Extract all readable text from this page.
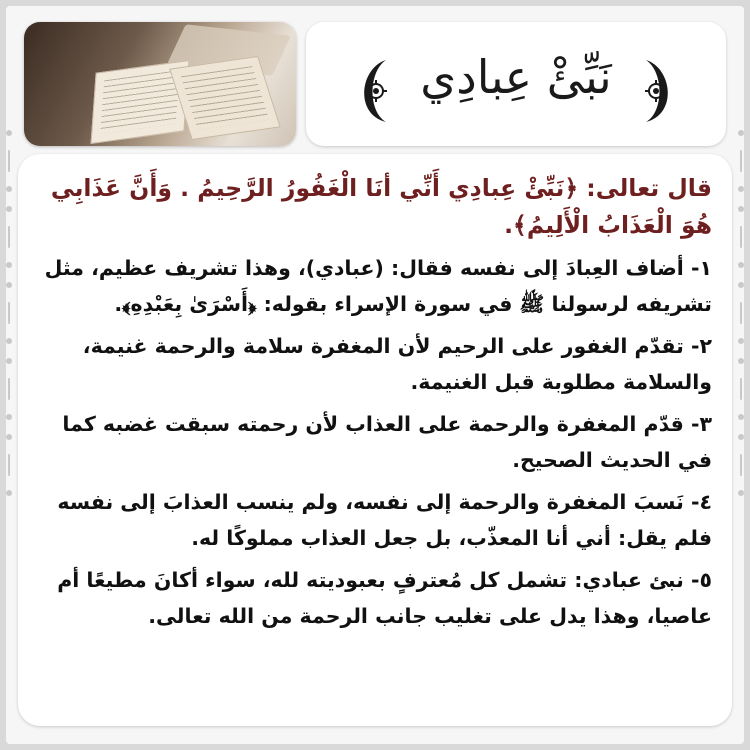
نَبِّئْ عِبادِي

قال تعالى: ﴿نَبِّئْ عِبادِي أَنِّي أنَا الْغَفُورُ الرَّحِيمُ . وَأَنَّ عَذَابِي هُوَ الْعَذَابُ الْأَلِيمُ﴾.

١- أضاف العِبادَ إلى نفسه فقال: (عبادي)، وهذا تشريف عظيم، مثل تشريفه لرسولنا ﷺ في سورة الإسراء بقوله: ﴿أَسْرَىٰ بِعَبْدِهِ﴾.

٢- تقدّم الغفور على الرحيم لأن المغفرة سلامة والرحمة غنيمة، والسلامة مطلوبة قبل الغنيمة.

٣- قدّم المغفرة والرحمة على العذاب لأن رحمته سبقت غضبه كما في الحديث الصحيح.

٤- نَسبَ المغفرة والرحمة إلى نفسه، ولم ينسب العذابَ إلى نفسه فلم يقل: أني أنا المعذّب، بل جعل العذاب مملوكًا له.

٥- نبئ عبادي: تشمل كل مُعترفٍ بعبوديته لله، سواء أكانَ مطيعًا أم عاصيا، وهذا يدل على تغليب جانب الرحمة من الله تعالى.
